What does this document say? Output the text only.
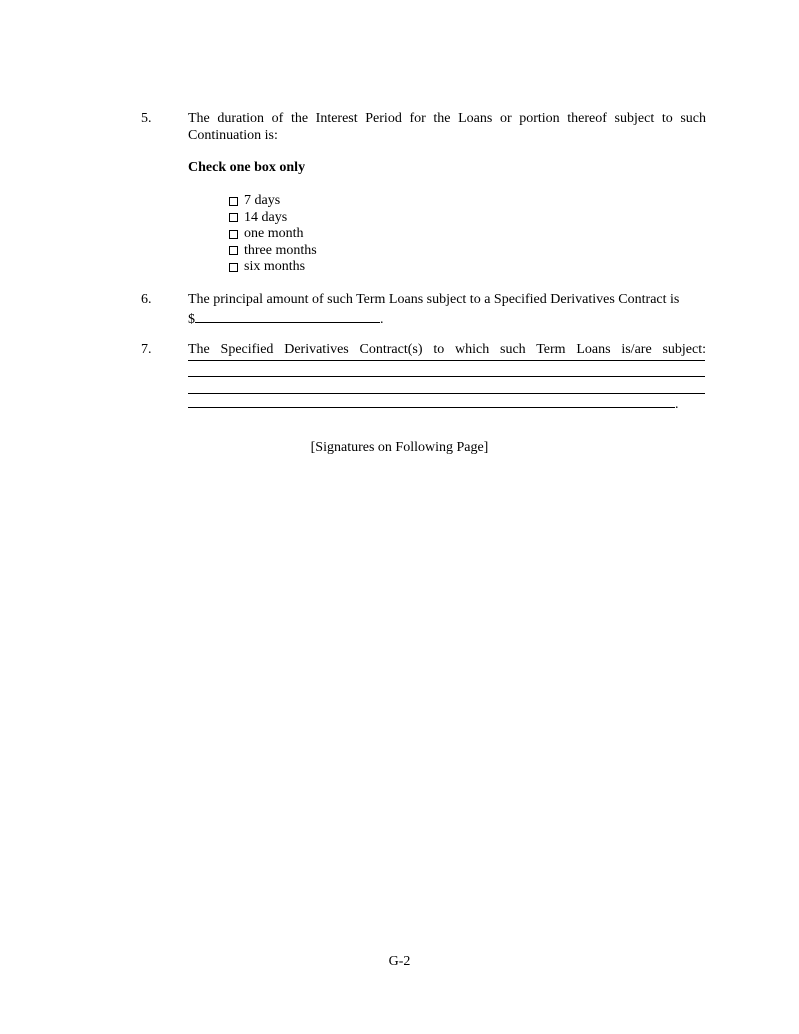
5.	The duration of the Interest Period for the Loans or portion thereof subject to such
Continuation is:
Check one box only
7 days
14 days
one month
three months
six months
6.	The principal amount of such Term Loans subject to a Specified Derivatives Contract is
$	.
7.	The Specified Derivatives Contract(s) to which such Term Loans is/are subject:
.
[Signatures on Following Page]
G-2
